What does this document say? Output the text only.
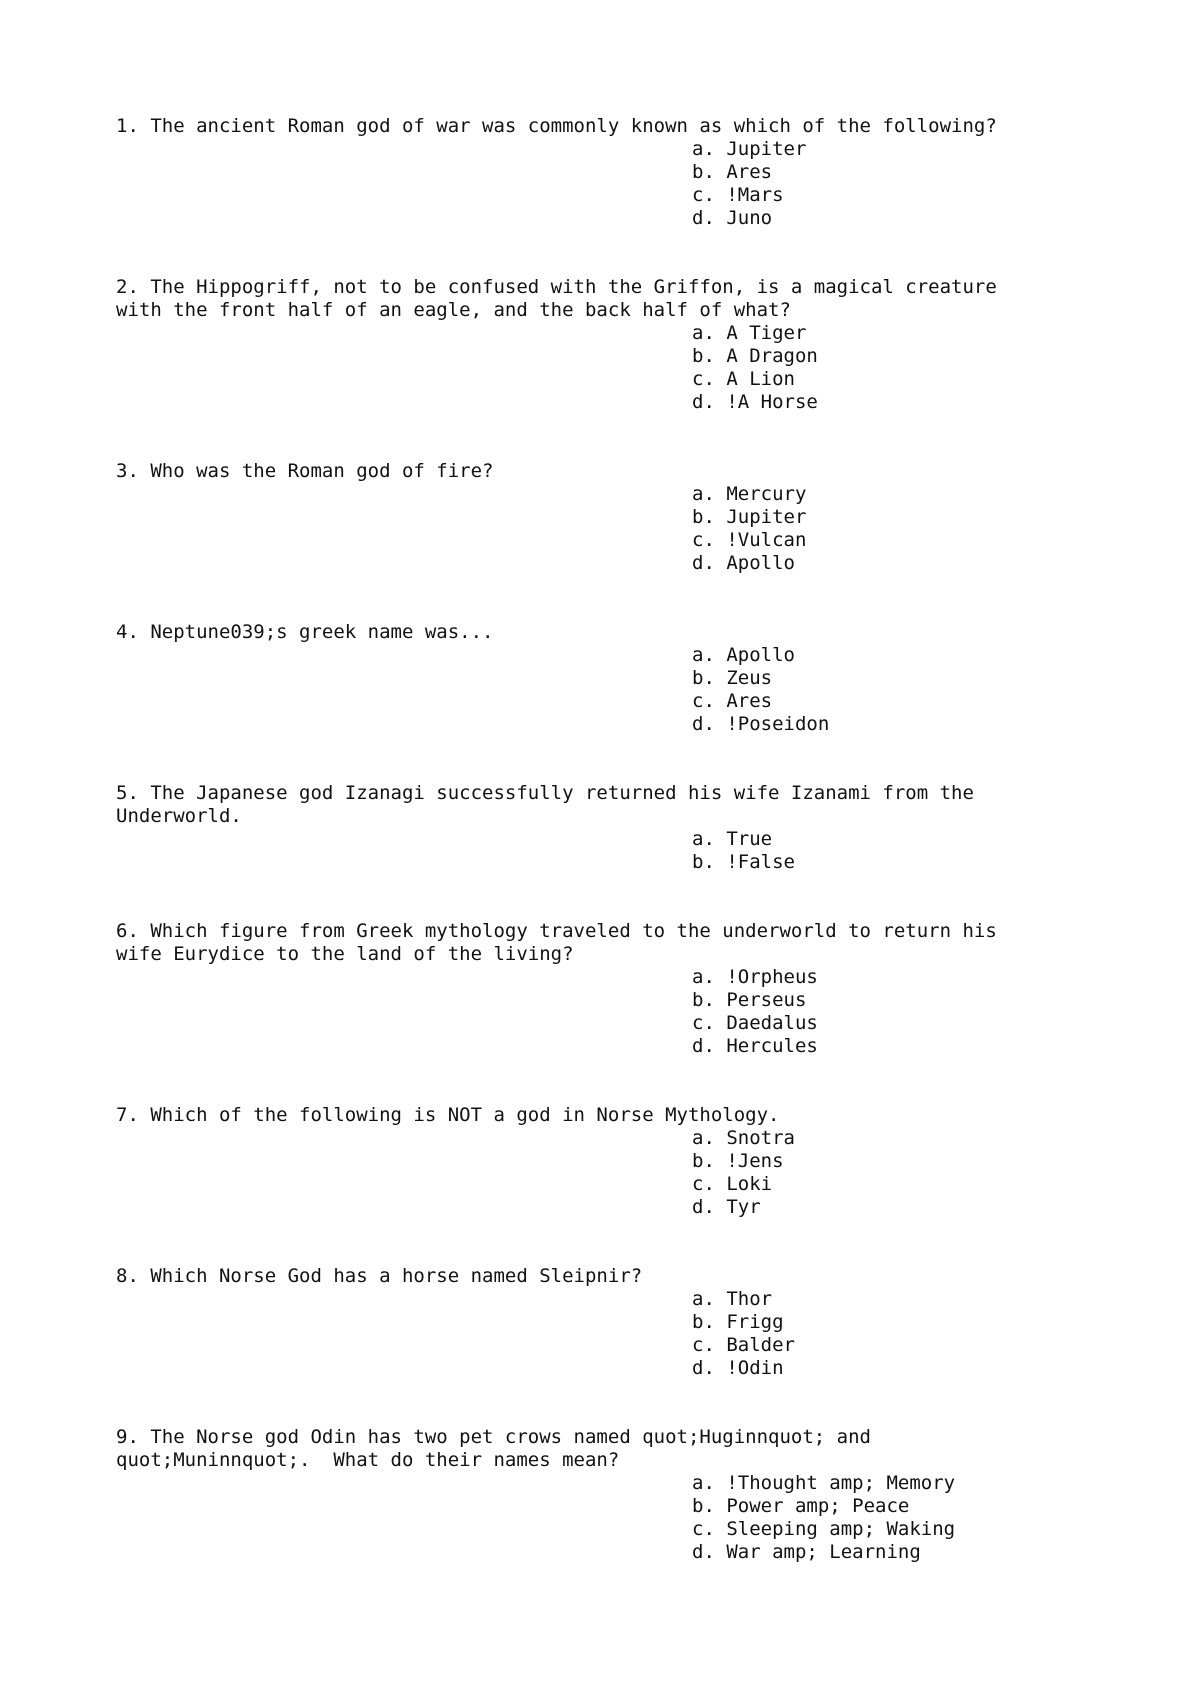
1. The ancient Roman god of war was commonly known as which of the following?
a. Jupiter
b. Ares
c. !Mars
d. Juno
2. The Hippogriff, not to be confused with the Griffon, is a magical creature
with the front half of an eagle, and the back half of what?
a. A Tiger
b. A Dragon
c. A Lion
d. !A Horse
3. Who was the Roman god of fire?
a. Mercury
b. Jupiter
c. !Vulcan
d. Apollo
4. Neptune039;s greek name was...
a. Apollo
b. Zeus
c. Ares
d. !Poseidon
5. The Japanese god Izanagi successfully returned his wife Izanami from the
Underworld.
a. True
b. !False
6. Which figure from Greek mythology traveled to the underworld to return his
wife Eurydice to the land of the living?
a. !Orpheus
b. Perseus
c. Daedalus
d. Hercules
7. Which of the following is NOT a god in Norse Mythology.
a. Snotra
b. !Jens
c. Loki
d. Tyr
8. Which Norse God has a horse named Sleipnir?
a. Thor
b. Frigg
c. Balder
d. !Odin
9. The Norse god Odin has two pet crows named quot;Huginnquot; and
quot;Muninnquot;.  What do their names mean?
a. !Thought amp; Memory
b. Power amp; Peace
c. Sleeping amp; Waking
d. War amp; Learning
